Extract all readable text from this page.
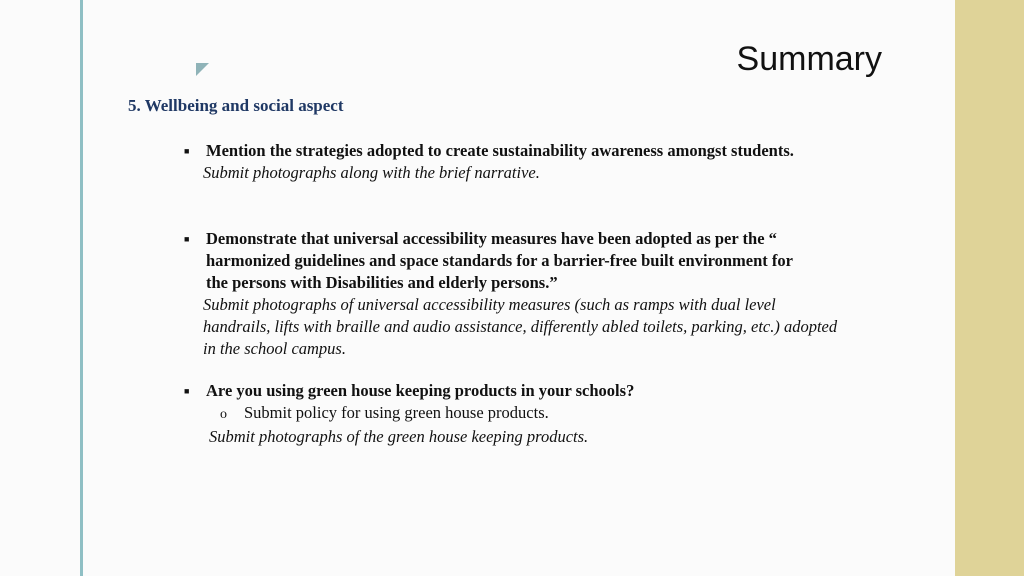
Summary
5. Wellbeing and social aspect
■ Mention the strategies adopted to create sustainability awareness amongst students.
Submit photographs along with the brief narrative.
■ Demonstrate that universal accessibility measures have been adopted as per the “
harmonized guidelines and space standards for a barrier-free built environment for
the persons with Disabilities and elderly persons.”
Submit photographs of universal accessibility measures (such as ramps with dual level
handrails, lifts with braille and audio assistance, differently abled toilets, parking, etc.) adopted
in the school campus.
■ Are you using green house keeping products in your schools?
o Submit policy for using green house products.
Submit photographs of the green house keeping products.
